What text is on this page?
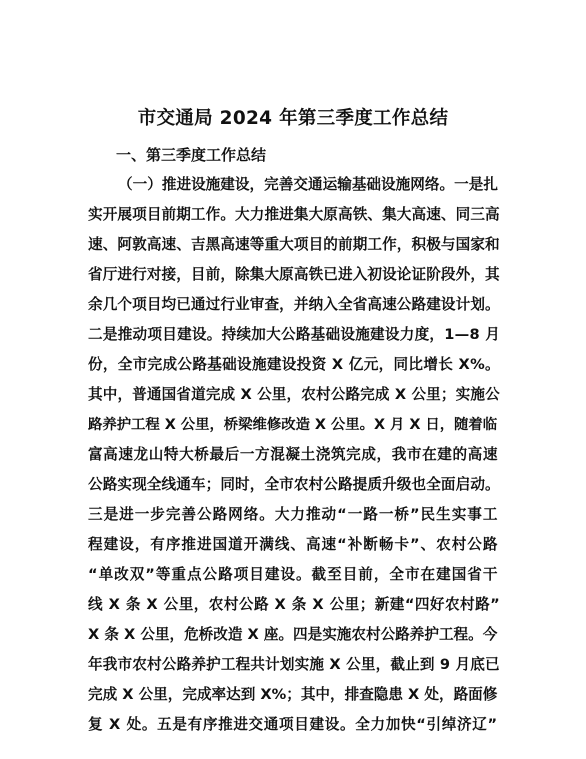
市交通局 2024 年第三季度工作总结
一、第三季度工作总结
（一）推进设施建设，完善交通运输基础设施网络。一是扎
实开展项目前期工作。大力推进集大原高铁、集大高速、同三高
速、阿敦高速、吉黑高速等重大项目的前期工作，积极与国家和
省厅进行对接，目前，除集大原高铁已进入初设论证阶段外，其
余几个项目均已通过行业审查，并纳入全省高速公路建设计划。
二是推动项目建设。持续加大公路基础设施建设力度，1—8 月
份，全市完成公路基础设施建设投资 X 亿元，同比增长 X%。
其中，普通国省道完成 X 公里，农村公路完成 X 公里；实施公
路养护工程 X 公里，桥梁维修改造 X 公里。X 月 X 日，随着临
富高速龙山特大桥最后一方混凝土浇筑完成，我市在建的高速
公路实现全线通车；同时，全市农村公路提质升级也全面启动。
三是进一步完善公路网络。大力推动“一路一桥”民生实事工
程建设，有序推进国道开满线、高速“补断畅卡”、农村公路
“单改双”等重点公路项目建设。截至目前，全市在建国省干
线 X 条 X 公里，农村公路 X 条 X 公里；新建“四好农村路”
X 条 X 公里，危桥改造 X 座。四是实施农村公路养护工程。今
年我市农村公路养护工程共计划实施 X 公里，截止到 9 月底已
完成 X 公里，完成率达到 X%；其中，排查隐患 X 处，路面修
复 X 处。五是有序推进交通项目建设。全力加快“引绰济辽”
